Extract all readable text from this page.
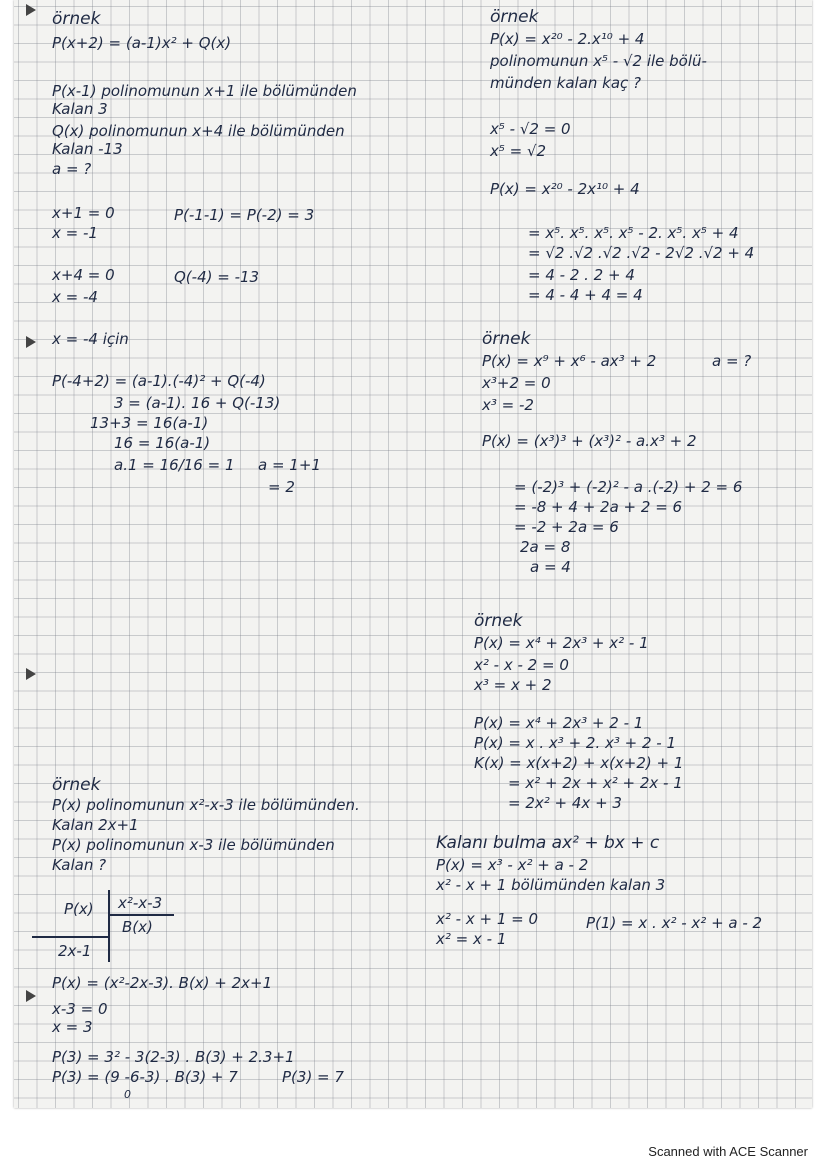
örnek
P(x+2) = (a-1)x² + Q(x)
P(x-1) polinomunun x+1 ile bölümünden
Kalan 3
Q(x) polinomunun x+4 ile bölümünden
Kalan -13
a = ?
x+1 = 0	P(-1-1) = P(-2) = 3
x = -1
x+4 = 0	Q(-4) = -13
x = -4
x = -4 için
P(-4+2) = (a-1).(-4)² + Q(-4)
3 = (a-1). 16 + Q(-13)
13+3 = 16(a-1)
16 = 16(a-1)
a.1 = 16/16 = 1 a = 1+1
= 2
örnek
P(x) polinomunun x²-x-3 ile bölümünden.
Kalan 2x+1
P(x) polinomunun x-3 ile bölümünden
Kalan ?
P(x) x²-x-3
B(x)
2x-1
P(x) = (x²-2x-3). B(x) + 2x+1
x-3 = 0
x = 3
P(3) = 3² - 3(2-3) . B(3) + 2.3+1
P(3) = (9 -6-3) . B(3) + 7	P(3) = 7
0
örnek
P(x) = x²⁰ - 2.x¹⁰ + 4
polinomunun x⁵ - √2 ile bölü-
münden kalan kaç ?
x⁵ - √2 = 0
x⁵ = √2
P(x) = x²⁰ - 2x¹⁰ + 4
= x⁵. x⁵. x⁵. x⁵ - 2. x⁵. x⁵ + 4
= √2 .√2 .√2 .√2 - 2√2 .√2 + 4
= 4 - 2 . 2 + 4
= 4 - 4 + 4 = 4
örnek
P(x) = x⁹ + x⁶ - ax³ + 2	a = ?
x³+2 = 0
x³ = -2
P(x) = (x³)³ + (x³)² - a.x³ + 2
= (-2)³ + (-2)² - a .(-2) + 2 = 6
= -8 + 4 + 2a + 2 = 6
= -2 + 2a = 6
2a = 8
a = 4
örnek
P(x) = x⁴ + 2x³ + x² - 1
x² - x - 2 = 0
x³ = x + 2
P(x) = x⁴ + 2x³ + 2 - 1
P(x) = x . x³ + 2. x³ + 2 - 1
K(x) = x(x+2) + x(x+2) + 1
= x² + 2x + x² + 2x - 1
= 2x² + 4x + 3
Kalanı bulma ax² + bx + c
P(x) = x³ - x² + a - 2
x² - x + 1 bölümünden kalan 3
x² - x + 1 = 0	P(1) = x . x² - x² + a - 2
x² = x - 1
Scanned with ACE Scanner
